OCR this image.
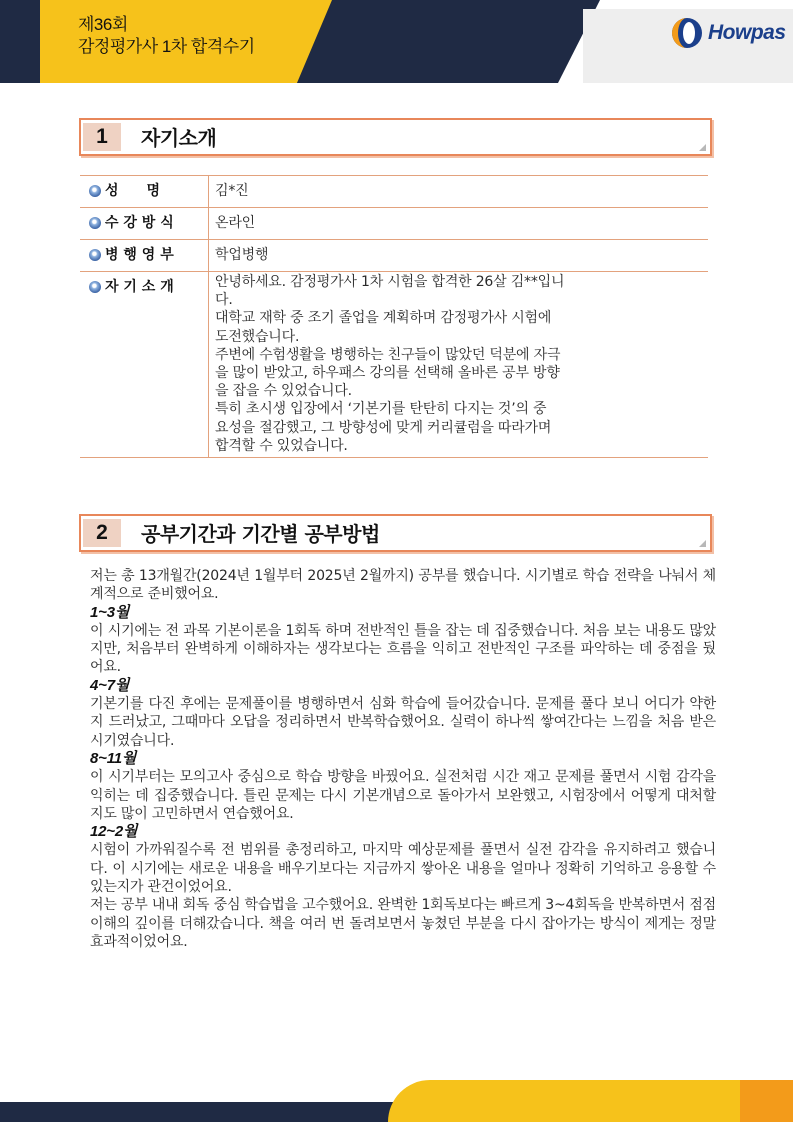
제36회
감정평가사 1차 합격수기
Howpas
1	자기소개
성　　명	김*진
수 강 방 식	온라인
병 행 영 부	학업병행
자 기 소 개	안녕하세요. 감정평가사 1차 시험을 합격한 26살 김**입니
다.
대학교 재학 중 조기 졸업을 계획하며 감정평가사 시험에
도전했습니다.
주변에 수험생활을 병행하는 친구들이 많았던 덕분에 자극
을 많이 받았고, 하우패스 강의를 선택해 올바른 공부 방향
을 잡을 수 있었습니다.
특히 초시생 입장에서 ‘기본기를 탄탄히 다지는 것’의 중
요성을 절감했고, 그 방향성에 맞게 커리큘럼을 따라가며
합격할 수 있었습니다.
2	공부기간과 기간별 공부방법

저는 총 13개월간(2024년 1월부터 2025년 2월까지) 공부를 했습니다. 시기별로 학습 전략을 나눠서 체계적으로 준비했어요.

1~3월

이 시기에는 전 과목 기본이론을 1회독 하며 전반적인 틀을 잡는 데 집중했습니다. 처음 보는 내용도 많았지만, 처음부터 완벽하게 이해하자는 생각보다는 흐름을 익히고 전반적인 구조를 파악하는 데 중점을 뒀어요.

4~7월

기본기를 다진 후에는 문제풀이를 병행하면서 심화 학습에 들어갔습니다. 문제를 풀다 보니 어디가 약한지 드러났고, 그때마다 오답을 정리하면서 반복학습했어요. 실력이 하나씩 쌓여간다는 느낌을 처음 받은 시기였습니다.

8~11월

이 시기부터는 모의고사 중심으로 학습 방향을 바꿨어요. 실전처럼 시간 재고 문제를 풀면서 시험 감각을 익히는 데 집중했습니다. 틀린 문제는 다시 기본개념으로 돌아가서 보완했고, 시험장에서 어떻게 대처할지도 많이 고민하면서 연습했어요.

12~2월

시험이 가까워질수록 전 범위를 총정리하고, 마지막 예상문제를 풀면서 실전 감각을 유지하려고 했습니다. 이 시기에는 새로운 내용을 배우기보다는 지금까지 쌓아온 내용을 얼마나 정확히 기억하고 응용할 수 있는지가 관건이었어요.

저는 공부 내내 회독 중심 학습법을 고수했어요. 완벽한 1회독보다는 빠르게 3~4회독을 반복하면서 점점 이해의 깊이를 더해갔습니다. 책을 여러 번 돌려보면서 놓쳤던 부분을 다시 잡아가는 방식이 제게는 정말 효과적이었어요.
